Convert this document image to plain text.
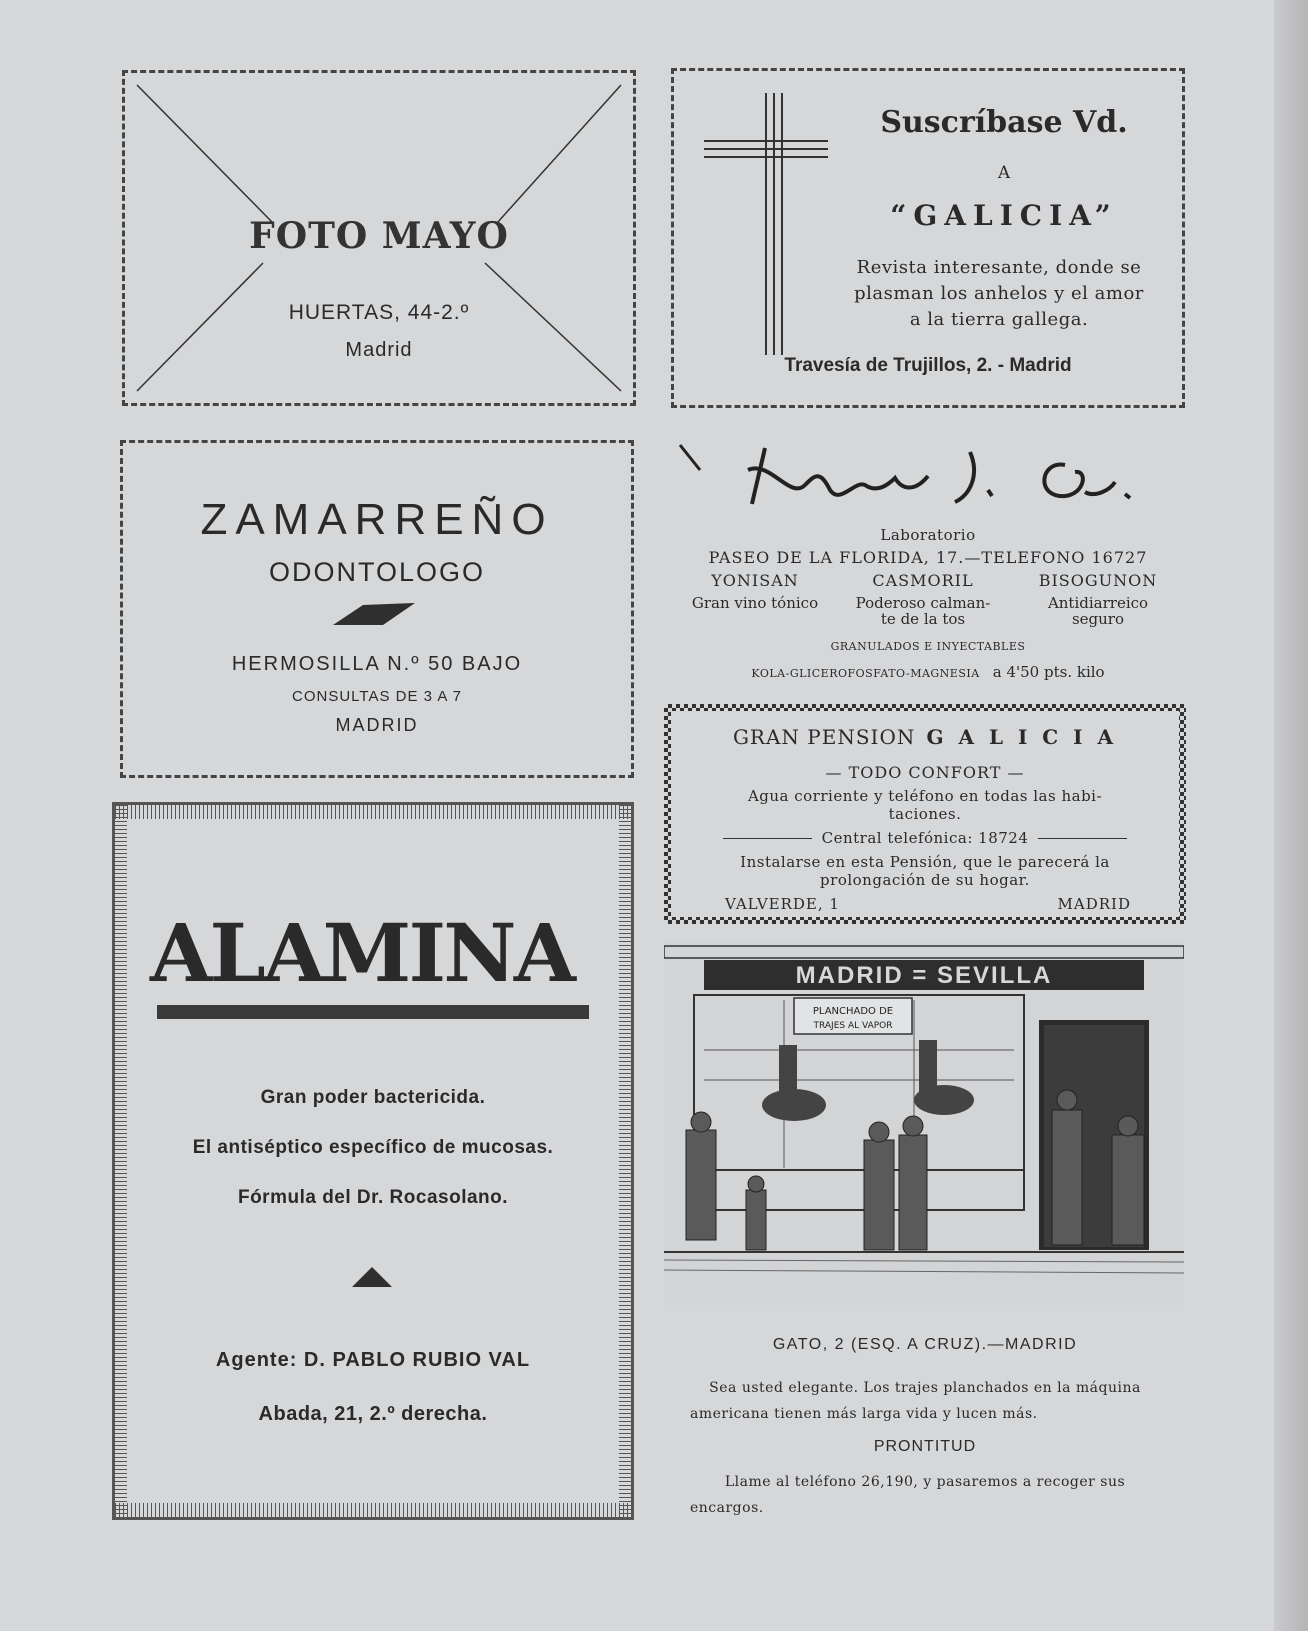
FOTO MAYO
HUERTAS, 44-2.º
Madrid
Suscríbase Vd.
A
“GALICIA”
Revista interesante, donde se
plasman los anhelos y el amor
a la tierra gallega.
Travesía de Trujillos, 2. - Madrid
ZAMARREÑO
ODONTOLOGO
HERMOSILLA N.º 50 BAJO
CONSULTAS DE 3 A 7
MADRID
Laboratorio
PASEO DE LA FLORIDA, 17.—TELEFONO 16727
YONISAN
Gran vino tónico
CASMORIL
Poderoso calman-
te de la tos
BISOGUNON
Antidiarreico
seguro
GRANULADOS E INYECTABLES
KOLA-GLICEROFOSFATO-MAGNESIA a 4'50 pts. kilo
GRAN PENSION G A L I C I A
— TODO CONFORT —
Agua corriente y teléfono en todas las habi-
taciones.
Central telefónica: 18724
Instalarse en esta Pensión, que le parecerá la
prolongación de su hogar.
VALVERDE, 1	MADRID
ALAMINA
Gran poder bactericida.
El antiséptico específico de mucosas.
Fórmula del Dr. Rocasolano.
Agente: D. PABLO RUBIO VAL
Abada, 21, 2.º derecha.
MADRID = SEVILLA
PLANCHADO DE
TRAJES AL VAPOR
GATO, 2 (ESQ. A CRUZ).—MADRID
Sea usted elegante. Los trajes planchados en la máquina
americana tienen más larga vida y lucen más.
PRONTITUD
Llame al teléfono 26,190, y pasaremos a recoger sus
encargos.
